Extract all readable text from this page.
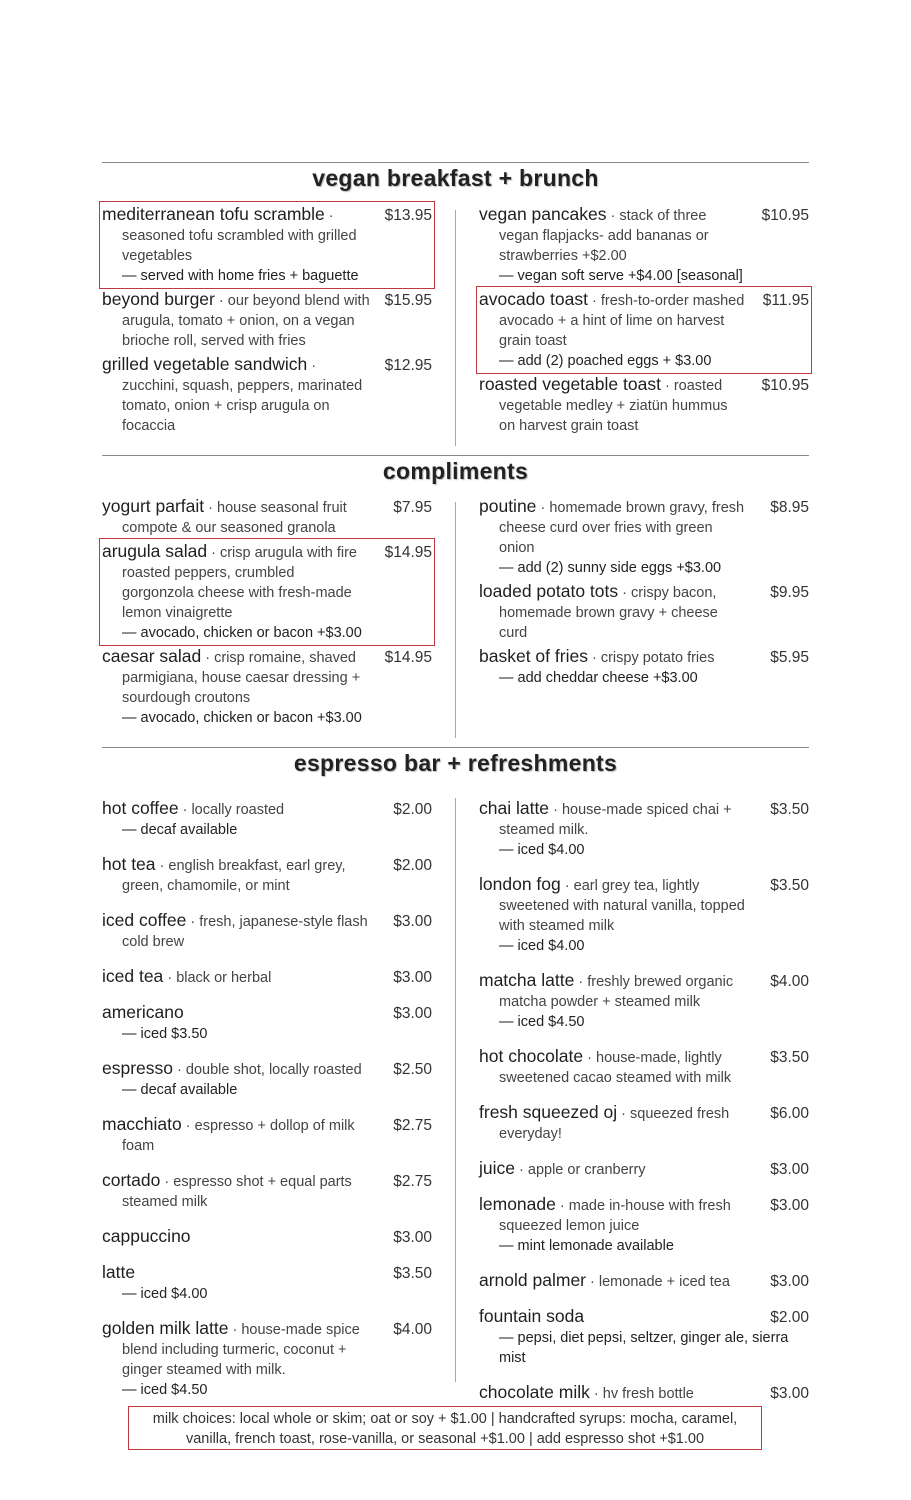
vegan breakfast + brunch
mediterranean tofu scramble ·	$13.95
seasoned tofu scrambled with grilled vegetables
— served with home fries + baguette
beyond burger ·	$15.95
our beyond blend with arugula, tomato + onion, on a vegan brioche roll, served with fries
grilled vegetable sandwich ·	$12.95
zucchini, squash, peppers, marinated tomato, onion + crisp arugula on focaccia
vegan pancakes ·	$10.95
stack of three vegan flapjacks- add bananas or strawberries +$2.00
— vegan soft serve +$4.00 [seasonal]
avocado toast ·	$11.95
fresh-to-order mashed avocado + a hint of lime on harvest grain toast
— add (2) poached eggs + $3.00
roasted vegetable toast ·	$10.95
roasted vegetable medley + ziatün hummus on harvest grain toast
compliments
yogurt parfait ·	$7.95
house seasonal fruit compote & our seasoned granola
arugula salad ·	$14.95
crisp arugula with fire roasted peppers, crumbled gorgonzola cheese with fresh-made lemon vinaigrette
— avocado, chicken or bacon +$3.00
caesar salad ·	$14.95
crisp romaine, shaved parmigiana, house caesar dressing + sourdough croutons
— avocado, chicken or bacon +$3.00
poutine ·	$8.95
homemade brown gravy, fresh cheese curd over fries with green onion
— add (2) sunny side eggs +$3.00
loaded potato tots ·	$9.95
crispy bacon, homemade brown gravy + cheese curd
basket of fries ·	$5.95
crispy potato fries
— add cheddar cheese +$3.00
espresso bar + refreshments
hot coffee ·	$2.00
locally roasted
— decaf available
hot tea ·	$2.00
english breakfast, earl grey, green, chamomile, or mint
iced coffee ·	$3.00
fresh, japanese-style flash cold brew
iced tea ·	$3.00
black or herbal
americano	$3.00
— iced $3.50
espresso ·	$2.50
double shot, locally roasted
— decaf available
macchiato ·	$2.75
espresso + dollop of milk foam
cortado ·	$2.75
espresso shot + equal parts steamed milk
cappuccino	$3.00
latte	$3.50
— iced $4.00
golden milk latte ·	$4.00
house-made spice blend including turmeric, coconut + ginger steamed with milk.
— iced $4.50
chai latte ·	$3.50
house-made spiced chai + steamed milk.
— iced $4.00
london fog ·	$3.50
earl grey tea, lightly sweetened with natural vanilla, topped with steamed milk
— iced $4.00
matcha latte ·	$4.00
freshly brewed organic matcha powder + steamed milk
— iced $4.50
hot chocolate ·	$3.50
house-made, lightly sweetened cacao steamed with milk
fresh squeezed oj ·	$6.00
squeezed fresh everyday!
juice ·	$3.00
apple or cranberry
lemonade ·	$3.00
made in-house with fresh squeezed lemon juice
— mint lemonade available
arnold palmer ·	$3.00
lemonade + iced tea
fountain soda	$2.00
— pepsi, diet pepsi, seltzer, ginger ale, sierra mist
chocolate milk ·	$3.00
hv fresh bottle
milk choices: local whole or skim; oat or soy + $1.00 | handcrafted syrups: mocha, caramel, vanilla, french toast, rose-vanilla, or seasonal +$1.00 | add espresso shot +$1.00
